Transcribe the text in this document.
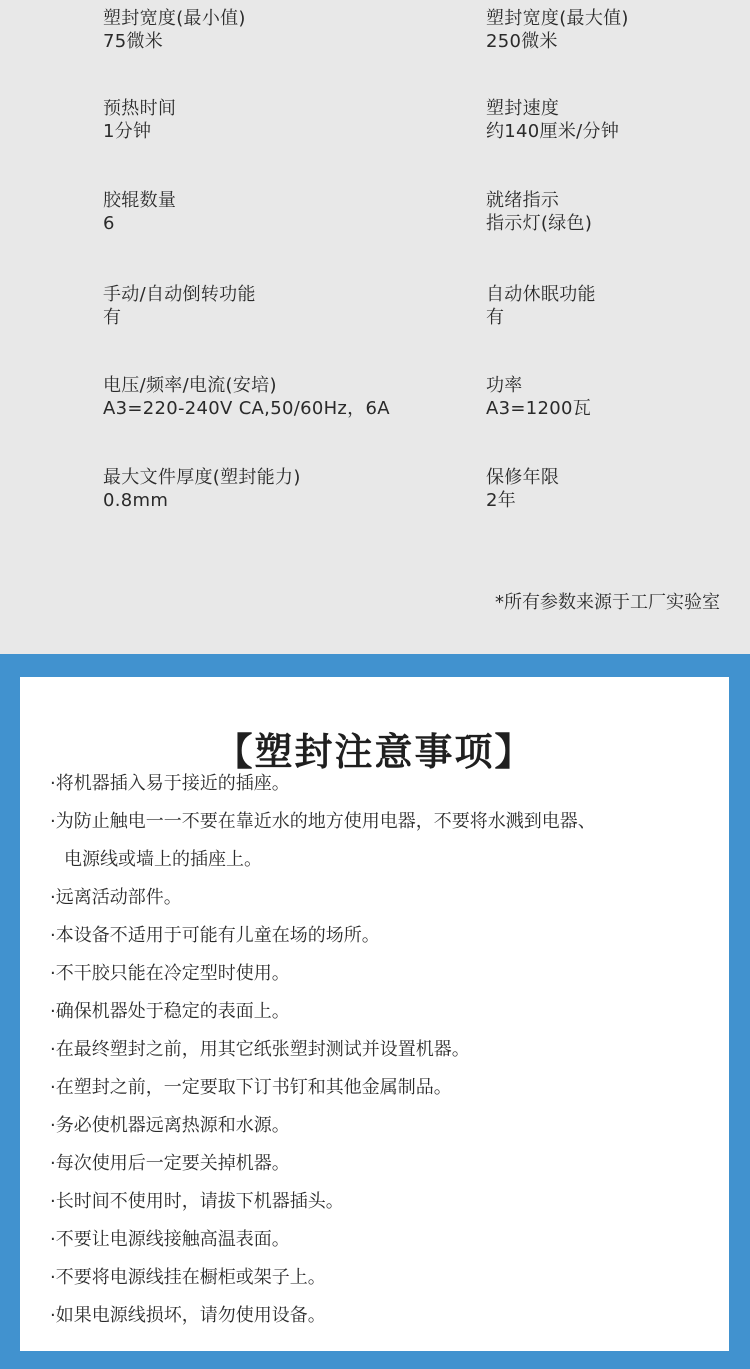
塑封宽度(最小值)
75微米
塑封宽度(最大值)
250微米
预热时间
1分钟
塑封速度
约140厘米/分钟
胶辊数量
6
就绪指示
指示灯(绿色)
手动/自动倒转功能
有
自动休眠功能
有
电压/频率/电流(安培)
A3=220-240V CA,50/60Hz，6A
功率
A3=1200瓦
最大文件厚度(塑封能力)
0.8mm
保修年限
2年
*所有参数来源于工厂实验室
【塑封注意事项】
·将机器插入易于接近的插座。
·为防止触电一一不要在靠近水的地方使用电器，不要将水溅到电器、
电源线或墙上的插座上。
·远离活动部件。
·本设备不适用于可能有儿童在场的场所。
·不干胶只能在冷定型时使用。
·确保机器处于稳定的表面上。
·在最终塑封之前，用其它纸张塑封测试并设置机器。
·在塑封之前，一定要取下订书钉和其他金属制品。
·务必使机器远离热源和水源。
·每次使用后一定要关掉机器。
·长时间不使用时，请拔下机器插头。
·不要让电源线接触高温表面。
·不要将电源线挂在橱柜或架子上。
·如果电源线损坏，请勿使用设备。
